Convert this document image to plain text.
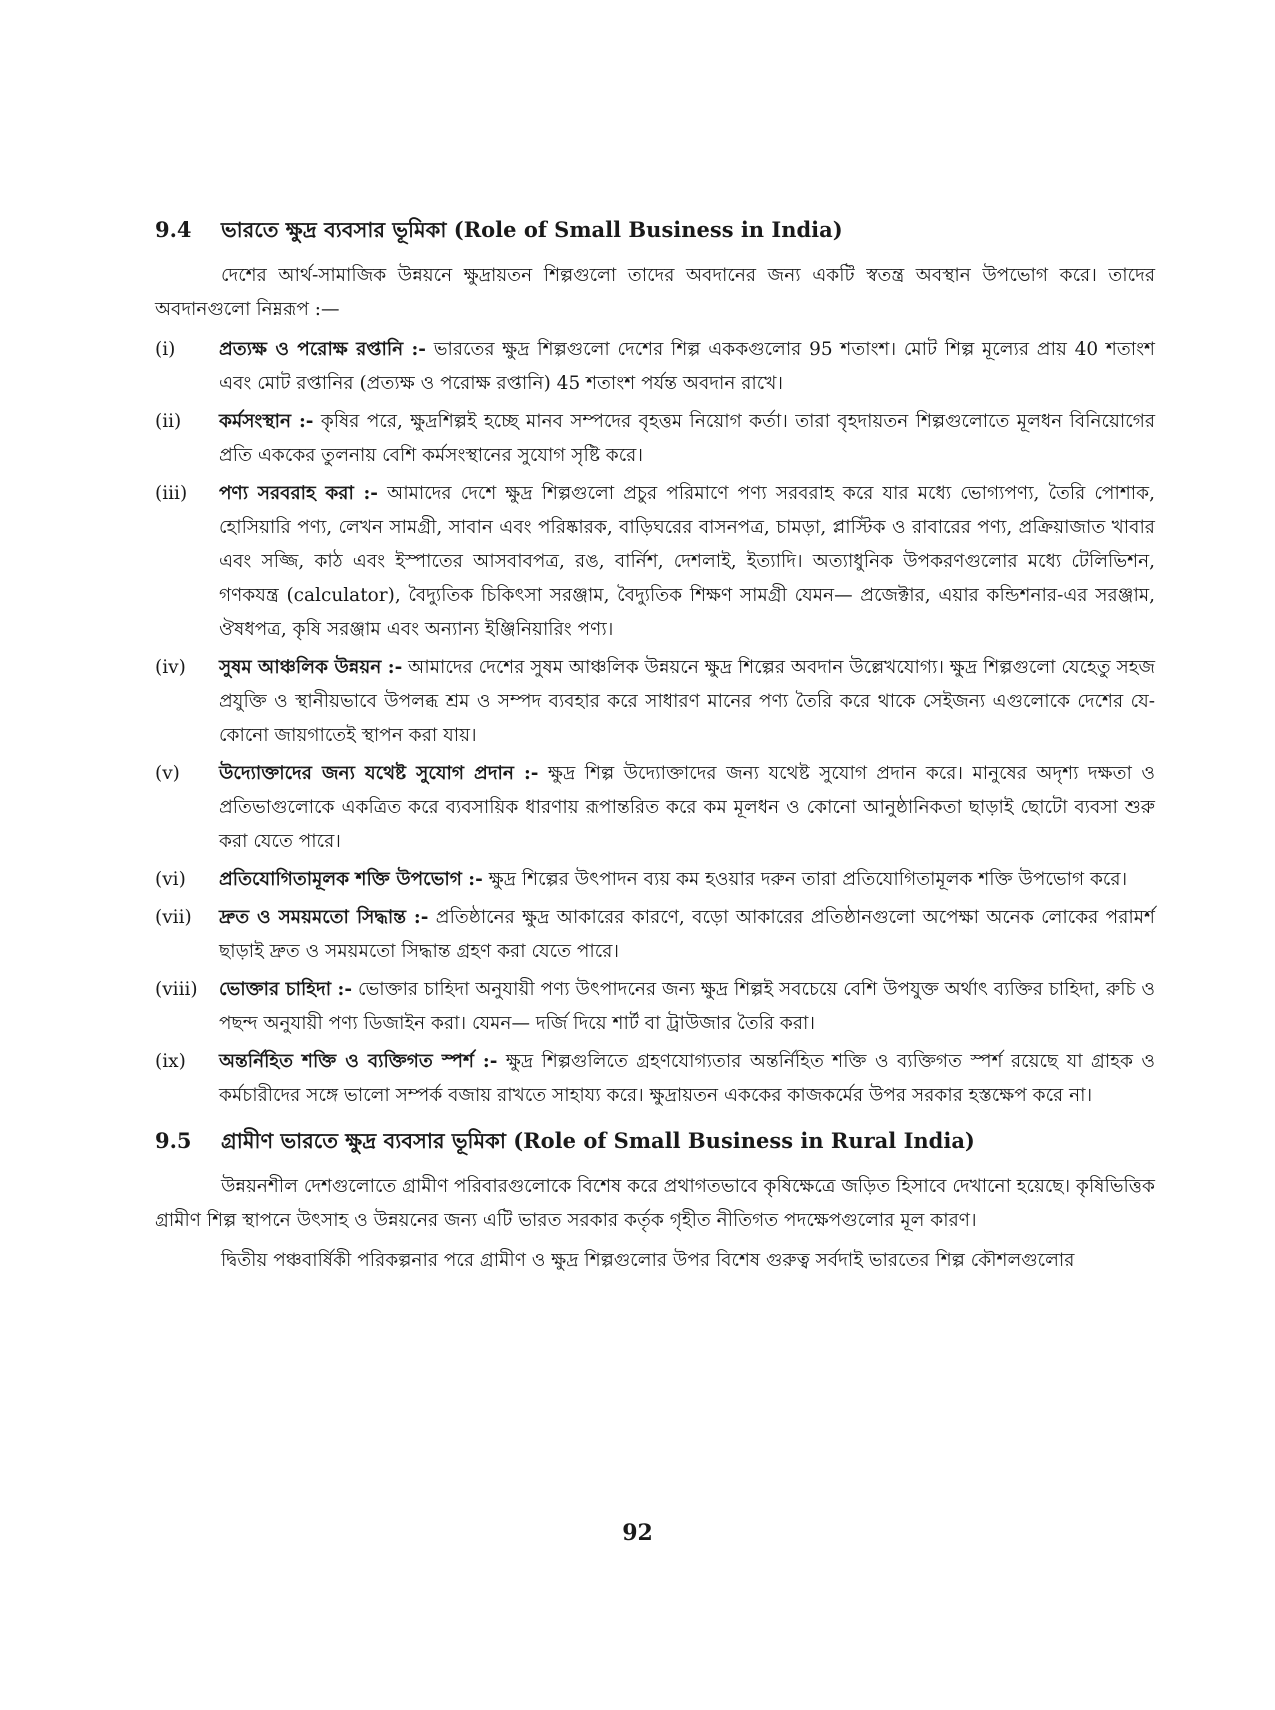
9.4	ভারতে ক্ষুদ্র ব্যবসার ভূমিকা (Role of Small Business in India)

দেশের আর্থ-সামাজিক উন্নয়নে ক্ষুদ্রায়তন শিল্পগুলো তাদের অবদানের জন্য একটি স্বতন্ত্র অবস্থান উপভোগ করে। তাদের অবদানগুলো নিম্নরূপ :—

(i)	প্রত্যক্ষ ও পরোক্ষ রপ্তানি :- ভারতের ক্ষুদ্র শিল্পগুলো দেশের শিল্প এককগুলোর 95 শতাংশ। মোট শিল্প মূল্যের প্রায় 40 শতাংশ এবং মোট রপ্তানির (প্রত্যক্ষ ও পরোক্ষ রপ্তানি) 45 শতাংশ পর্যন্ত অবদান রাখে।
(ii)	কর্মসংস্থান :- কৃষির পরে, ক্ষুদ্রশিল্পই হচ্ছে মানব সম্পদের বৃহত্তম নিয়োগ কর্তা। তারা বৃহদায়তন শিল্পগুলোতে মূলধন বিনিয়োগের প্রতি এককের তুলনায় বেশি কর্মসংস্থানের সুযোগ সৃষ্টি করে।
(iii)	পণ্য সরবরাহ করা :- আমাদের দেশে ক্ষুদ্র শিল্পগুলো প্রচুর পরিমাণে পণ্য সরবরাহ করে যার মধ্যে ভোগ্যপণ্য, তৈরি পোশাক, হোসিয়ারি পণ্য, লেখন সামগ্রী, সাবান এবং পরিষ্কারক, বাড়িঘরের বাসনপত্র, চামড়া, প্লাস্টিক ও রাবারের পণ্য, প্রক্রিয়াজাত খাবার এবং সজ্জি, কাঠ এবং ইস্পাতের আসবাবপত্র, রঙ, বার্নিশ, দেশলাই, ইত্যাদি। অত্যাধুনিক উপকরণগুলোর মধ্যে টেলিভিশন, গণকযন্ত্র (calculator), বৈদ্যুতিক চিকিৎসা সরঞ্জাম, বৈদ্যুতিক শিক্ষণ সামগ্রী যেমন— প্রজেক্টার, এয়ার কন্ডিশনার-এর সরঞ্জাম, ঔষধপত্র, কৃষি সরঞ্জাম এবং অন্যান্য ইঞ্জিনিয়ারিং পণ্য।
(iv)	সুষম আঞ্চলিক উন্নয়ন :- আমাদের দেশের সুষম আঞ্চলিক উন্নয়নে ক্ষুদ্র শিল্পের অবদান উল্লেখযোগ্য। ক্ষুদ্র শিল্পগুলো যেহেতু সহজ প্রযুক্তি ও স্থানীয়ভাবে উপলব্ধ শ্রম ও সম্পদ ব্যবহার করে সাধারণ মানের পণ্য তৈরি করে থাকে সেইজন্য এগুলোকে দেশের যে-কোনো জায়গাতেই স্থাপন করা যায়।
(v)	উদ্যোক্তাদের জন্য যথেষ্ট সুযোগ প্রদান :- ক্ষুদ্র শিল্প উদ্যোক্তাদের জন্য যথেষ্ট সুযোগ প্রদান করে। মানুষের অদৃশ্য দক্ষতা ও প্রতিভাগুলোকে একত্রিত করে ব্যবসায়িক ধারণায় রূপান্তরিত করে কম মূলধন ও কোনো আনুষ্ঠানিকতা ছাড়াই ছোটো ব্যবসা শুরু করা যেতে পারে।
(vi)	প্রতিযোগিতামূলক শক্তি উপভোগ :- ক্ষুদ্র শিল্পের উৎপাদন ব্যয় কম হওয়ার দরুন তারা প্রতিযোগিতামূলক শক্তি উপভোগ করে।
(vii)	দ্রুত ও সময়মতো সিদ্ধান্ত :- প্রতিষ্ঠানের ক্ষুদ্র আকারের কারণে, বড়ো আকারের প্রতিষ্ঠানগুলো অপেক্ষা অনেক লোকের পরামর্শ ছাড়াই দ্রুত ও সময়মতো সিদ্ধান্ত গ্রহণ করা যেতে পারে।
(viii)	ভোক্তার চাহিদা :- ভোক্তার চাহিদা অনুযায়ী পণ্য উৎপাদনের জন্য ক্ষুদ্র শিল্পই সবচেয়ে বেশি উপযুক্ত অর্থাৎ ব্যক্তির চাহিদা, রুচি ও পছন্দ অনুযায়ী পণ্য ডিজাইন করা। যেমন— দর্জি দিয়ে শার্ট বা ট্রাউজার তৈরি করা।
(ix)	অন্তর্নিহিত শক্তি ও ব্যক্তিগত স্পর্শ :- ক্ষুদ্র শিল্পগুলিতে গ্রহণযোগ্যতার অন্তর্নিহিত শক্তি ও ব্যক্তিগত স্পর্শ রয়েছে যা গ্রাহক ও কর্মচারীদের সঙ্গে ভালো সম্পর্ক বজায় রাখতে সাহায্য করে। ক্ষুদ্রায়তন এককের কাজকর্মের উপর সরকার হস্তক্ষেপ করে না।
9.5	গ্রামীণ ভারতে ক্ষুদ্র ব্যবসার ভূমিকা (Role of Small Business in Rural India)

উন্নয়নশীল দেশগুলোতে গ্রামীণ পরিবারগুলোকে বিশেষ করে প্রথাগতভাবে কৃষিক্ষেত্রে জড়িত হিসাবে দেখানো হয়েছে। কৃষিভিত্তিক গ্রামীণ শিল্প স্থাপনে উৎসাহ ও উন্নয়নের জন্য এটি ভারত সরকার কর্তৃক গৃহীত নীতিগত পদক্ষেপগুলোর মূল কারণ।

দ্বিতীয় পঞ্চবার্ষিকী পরিকল্পনার পরে গ্রামীণ ও ক্ষুদ্র শিল্পগুলোর উপর বিশেষ গুরুত্ব সর্বদাই ভারতের শিল্প কৌশলগুলোর

92
